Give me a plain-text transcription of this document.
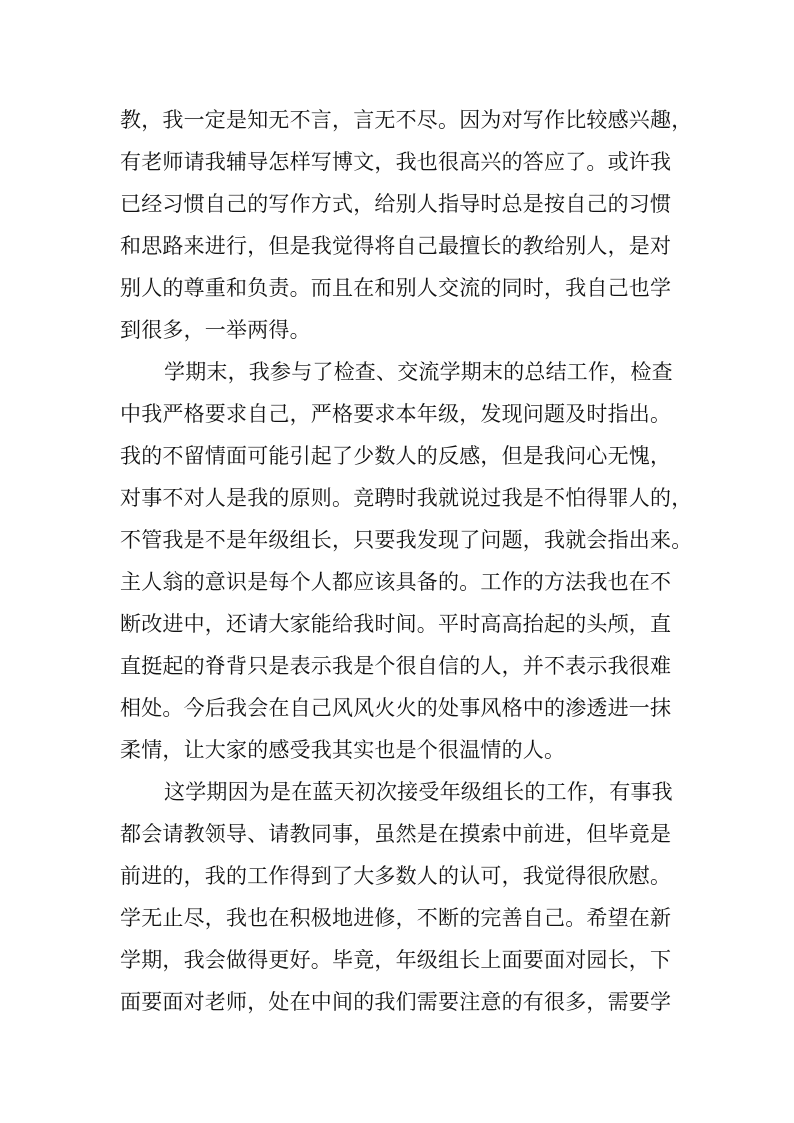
教，我一定是知无不言，言无不尽。因为对写作比较感兴趣，
有老师请我辅导怎样写博文，我也很高兴的答应了。或许我
已经习惯自己的写作方式，给别人指导时总是按自己的习惯
和思路来进行，但是我觉得将自己最擅长的教给别人，是对
别人的尊重和负责。而且在和别人交流的同时，我自己也学
到很多，一举两得。
学期末，我参与了检查、交流学期末的总结工作，检查
中我严格要求自己，严格要求本年级，发现问题及时指出。
我的不留情面可能引起了少数人的反感，但是我问心无愧，
对事不对人是我的原则。竞聘时我就说过我是不怕得罪人的，
不管我是不是年级组长，只要我发现了问题，我就会指出来。
主人翁的意识是每个人都应该具备的。工作的方法我也在不
断改进中，还请大家能给我时间。平时高高抬起的头颅，直
直挺起的脊背只是表示我是个很自信的人，并不表示我很难
相处。今后我会在自己风风火火的处事风格中的渗透进一抹
柔情，让大家的感受我其实也是个很温情的人。
这学期因为是在蓝天初次接受年级组长的工作，有事我
都会请教领导、请教同事，虽然是在摸索中前进，但毕竟是
前进的，我的工作得到了大多数人的认可，我觉得很欣慰。
学无止尽，我也在积极地进修，不断的完善自己。希望在新
学期，我会做得更好。毕竟，年级组长上面要面对园长，下
面要面对老师，处在中间的我们需要注意的有很多，需要学
